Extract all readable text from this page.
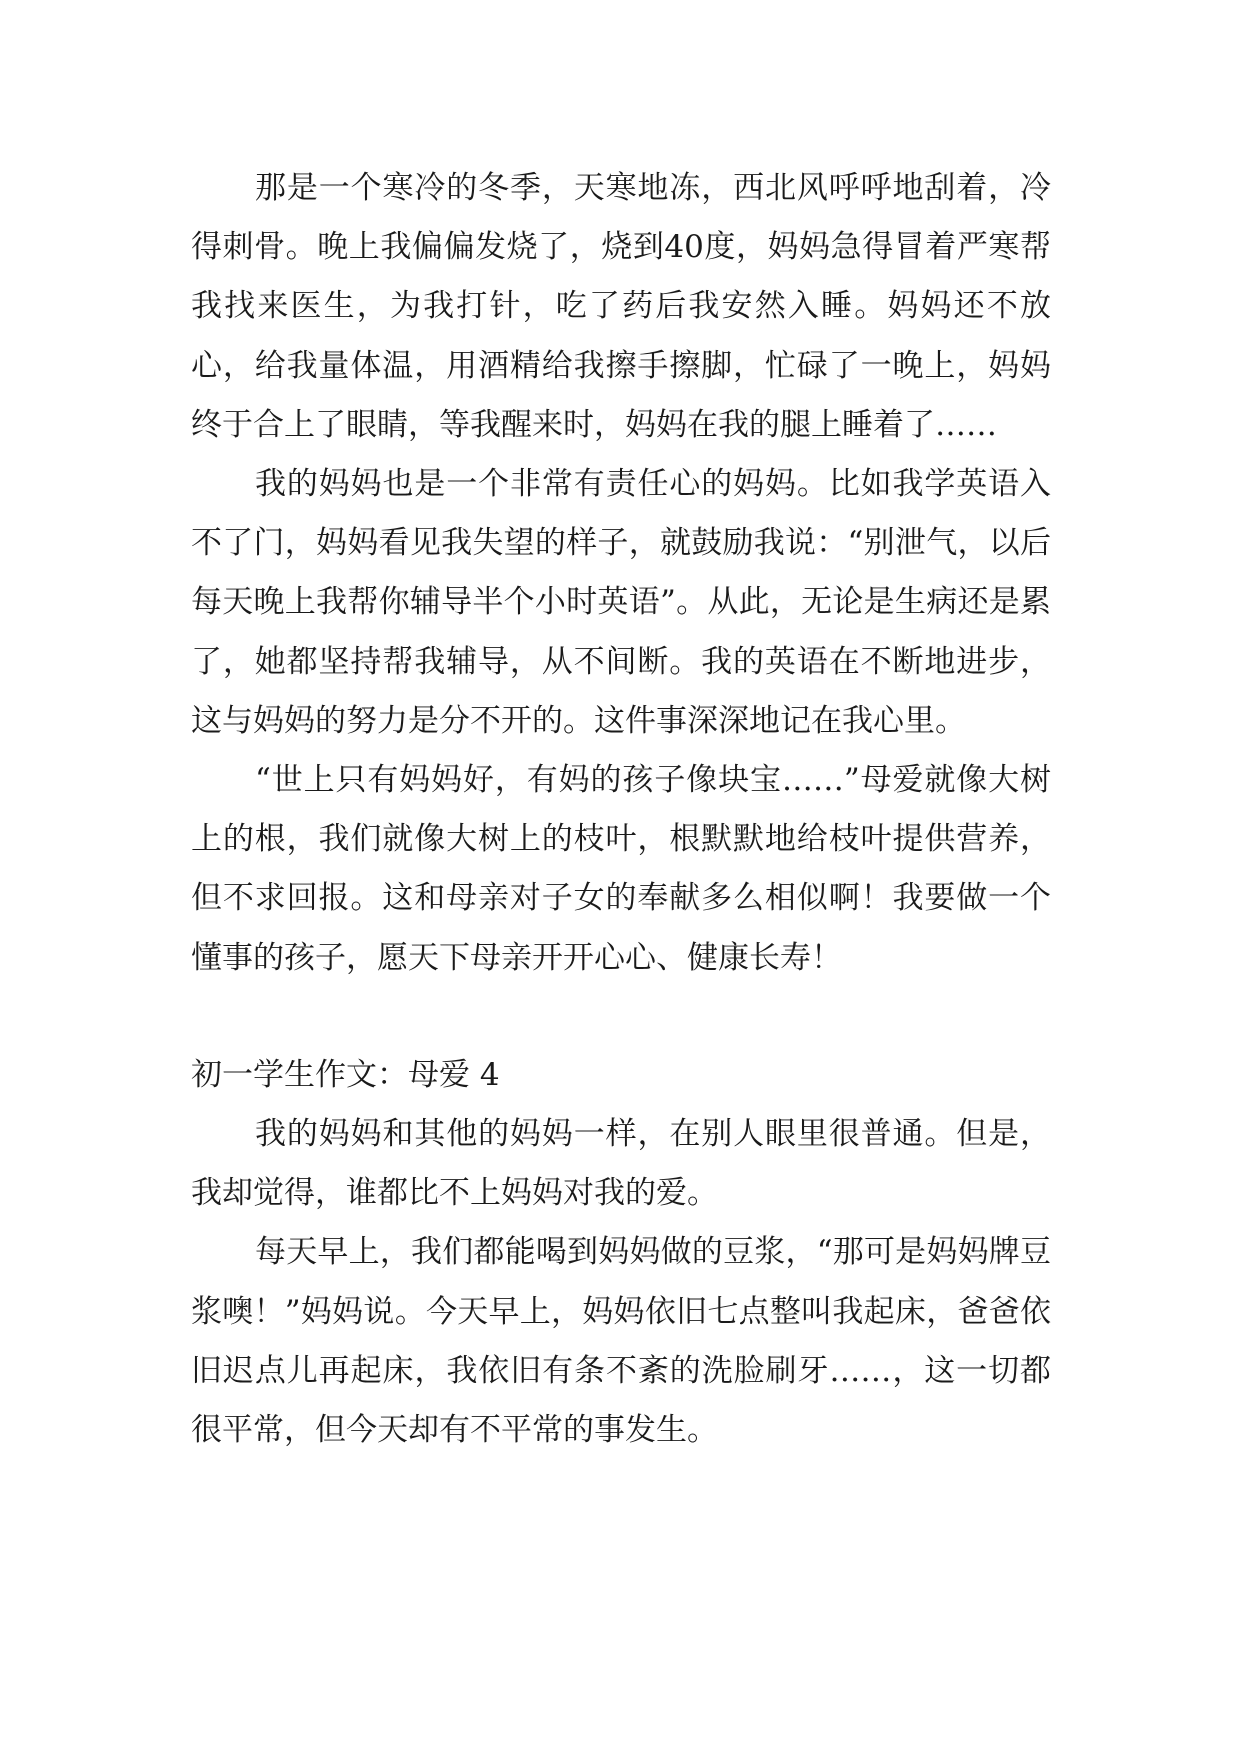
那是一个寒冷的冬季，天寒地冻，西北风呼呼地刮着，冷得刺骨。晚上我偏偏发烧了，烧到40度，妈妈急得冒着严寒帮我找来医生，为我打针，吃了药后我安然入睡。妈妈还不放心，给我量体温，用酒精给我擦手擦脚，忙碌了一晚上，妈妈终于合上了眼睛，等我醒来时，妈妈在我的腿上睡着了……

我的妈妈也是一个非常有责任心的妈妈。比如我学英语入不了门，妈妈看见我失望的样子，就鼓励我说：“别泄气，以后每天晚上我帮你辅导半个小时英语”。从此，无论是生病还是累了，她都坚持帮我辅导，从不间断。我的英语在不断地进步，这与妈妈的努力是分不开的。这件事深深地记在我心里。

“世上只有妈妈好，有妈的孩子像块宝……”母爱就像大树上的根，我们就像大树上的枝叶，根默默地给枝叶提供营养，但不求回报。这和母亲对子女的奉献多么相似啊！我要做一个懂事的孩子，愿天下母亲开开心心、健康长寿！

初一学生作文：母爱 4

我的妈妈和其他的妈妈一样，在别人眼里很普通。但是，我却觉得，谁都比不上妈妈对我的爱。

每天早上，我们都能喝到妈妈做的豆浆，“那可是妈妈牌豆浆噢！”妈妈说。今天早上，妈妈依旧七点整叫我起床，爸爸依旧迟点儿再起床，我依旧有条不紊的洗脸刷牙……，这一切都很平常，但今天却有不平常的事发生。
